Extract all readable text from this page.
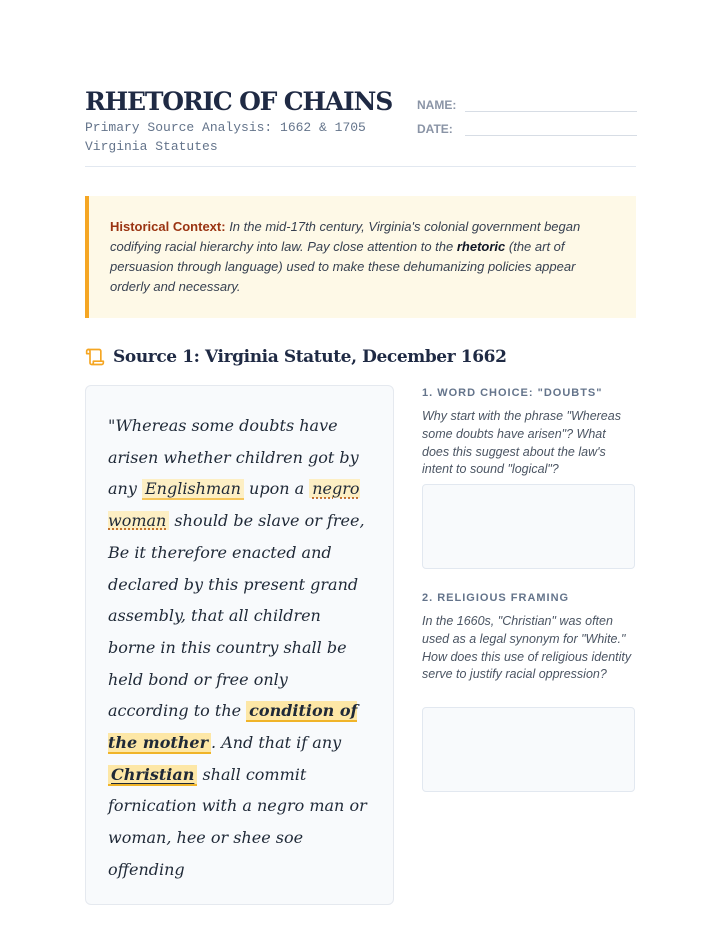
RHETORIC OF CHAINS
Primary Source Analysis: 1662 & 1705 Virginia Statutes
NAME:
DATE:

Historical Context: In the mid-17th century, Virginia's colonial government began codifying racial hierarchy into law. Pay close attention to the rhetoric (the art of persuasion through language) used to make these dehumanizing policies appear orderly and necessary.

Source 1: Virginia Statute, December 1662
"Whereas some doubts have arisen whether children got by any Englishman upon a negro woman should be slave or free, Be it therefore enacted and declared by this present grand assembly, that all children borne in this country shall be held bond or free only according to the condition of the mother . And that if any Christian shall commit fornication with a negro man or woman, hee or shee soe offending
1. WORD CHOICE: "DOUBTS"
Why start with the phrase "Whereas some doubts have arisen"? What does this suggest about the law's intent to sound "logical"?
2. RELIGIOUS FRAMING
In the 1660s, "Christian" was often used as a legal synonym for "White." How does this use of religious identity serve to justify racial oppression?
